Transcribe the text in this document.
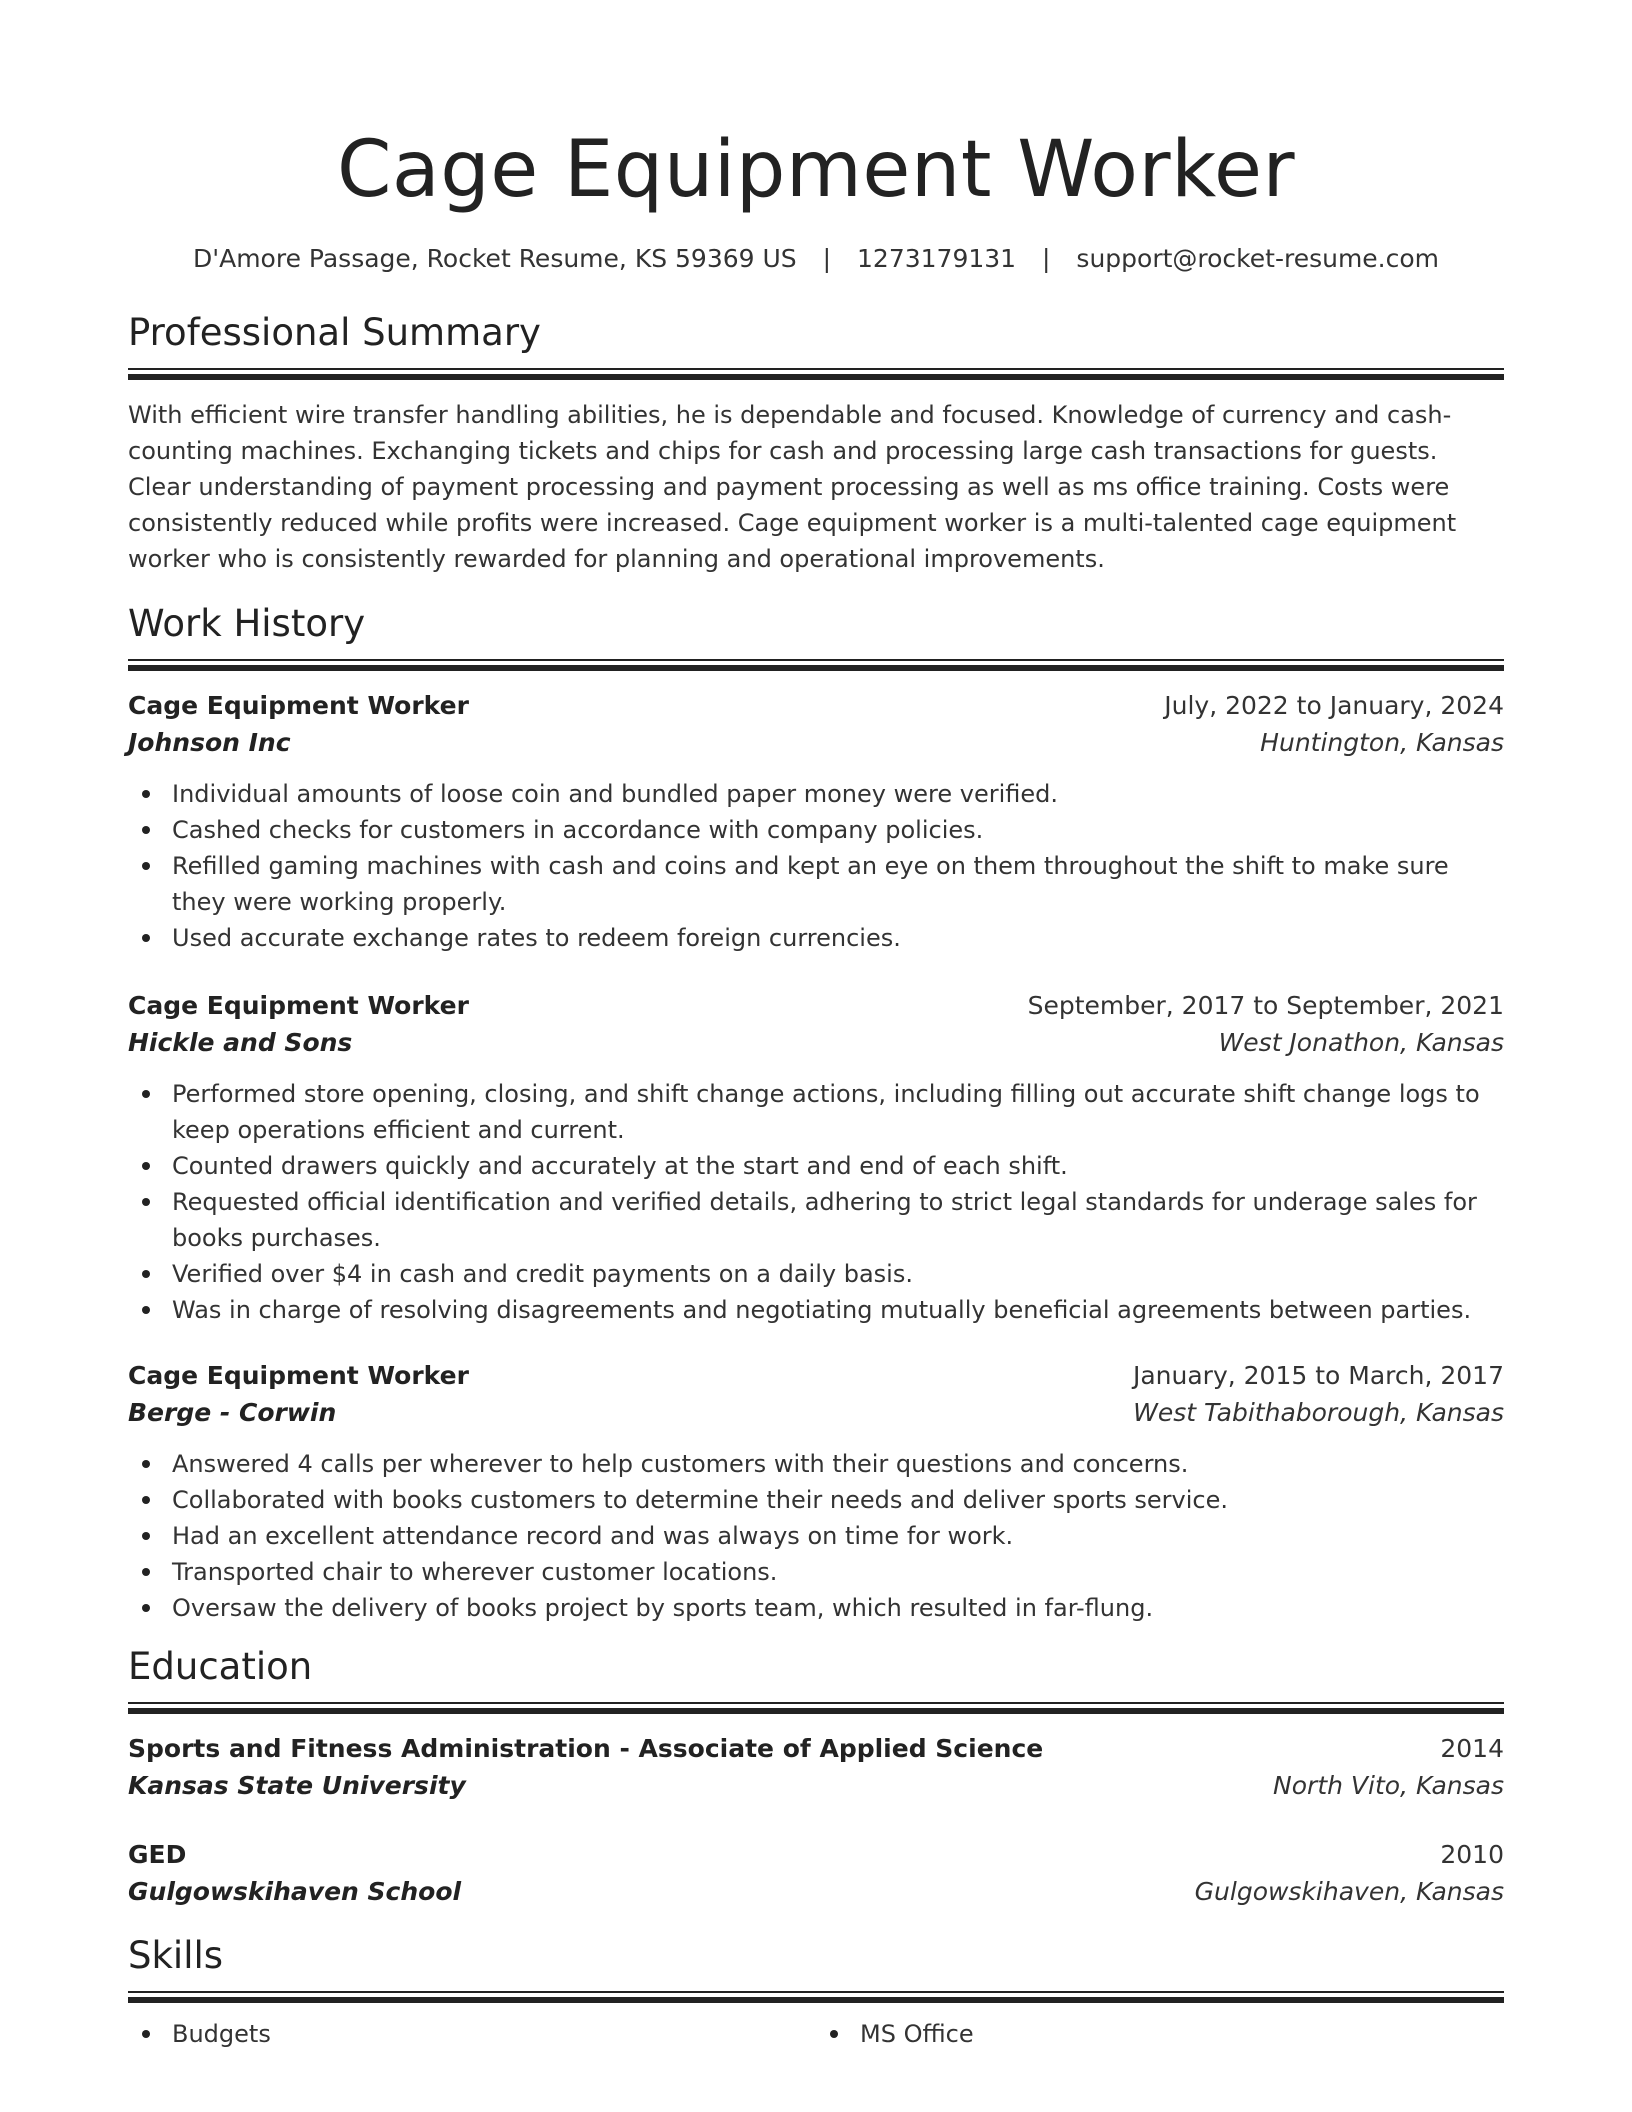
Cage Equipment Worker
D'Amore Passage, Rocket Resume, KS 59369 US | 1273179131 | support@rocket-resume.com
Professional Summary

With efficient wire transfer handling abilities, he is dependable and focused. Knowledge of currency and cash-counting machines. Exchanging tickets and chips for cash and processing large cash transactions for guests. Clear understanding of payment processing and payment processing as well as ms office training. Costs were consistently reduced while profits were increased. Cage equipment worker is a multi-talented cage equipment worker who is consistently rewarded for planning and operational improvements.

Work History
Cage Equipment Worker	July, 2022 to January, 2024
Johnson Inc	Huntington, Kansas
Individual amounts of loose coin and bundled paper money were verified.
Cashed checks for customers in accordance with company policies.
Refilled gaming machines with cash and coins and kept an eye on them throughout the shift to make sure they were working properly.
Used accurate exchange rates to redeem foreign currencies.
Cage Equipment Worker	September, 2017 to September, 2021
Hickle and Sons	West Jonathon, Kansas
Performed store opening, closing, and shift change actions, including filling out accurate shift change logs to keep operations efficient and current.
Counted drawers quickly and accurately at the start and end of each shift.
Requested official identification and verified details, adhering to strict legal standards for underage sales for books purchases.
Verified over $4 in cash and credit payments on a daily basis.
Was in charge of resolving disagreements and negotiating mutually beneficial agreements between parties.
Cage Equipment Worker	January, 2015 to March, 2017
Berge - Corwin	West Tabithaborough, Kansas
Answered 4 calls per wherever to help customers with their questions and concerns.
Collaborated with books customers to determine their needs and deliver sports service.
Had an excellent attendance record and was always on time for work.
Transported chair to wherever customer locations.
Oversaw the delivery of books project by sports team, which resulted in far-flung.
Education
Sports and Fitness Administration - Associate of Applied Science	2014
Kansas State University	North Vito, Kansas
GED	2010
Gulgowskihaven School	Gulgowskihaven, Kansas
Skills
Budgets	MS Office
